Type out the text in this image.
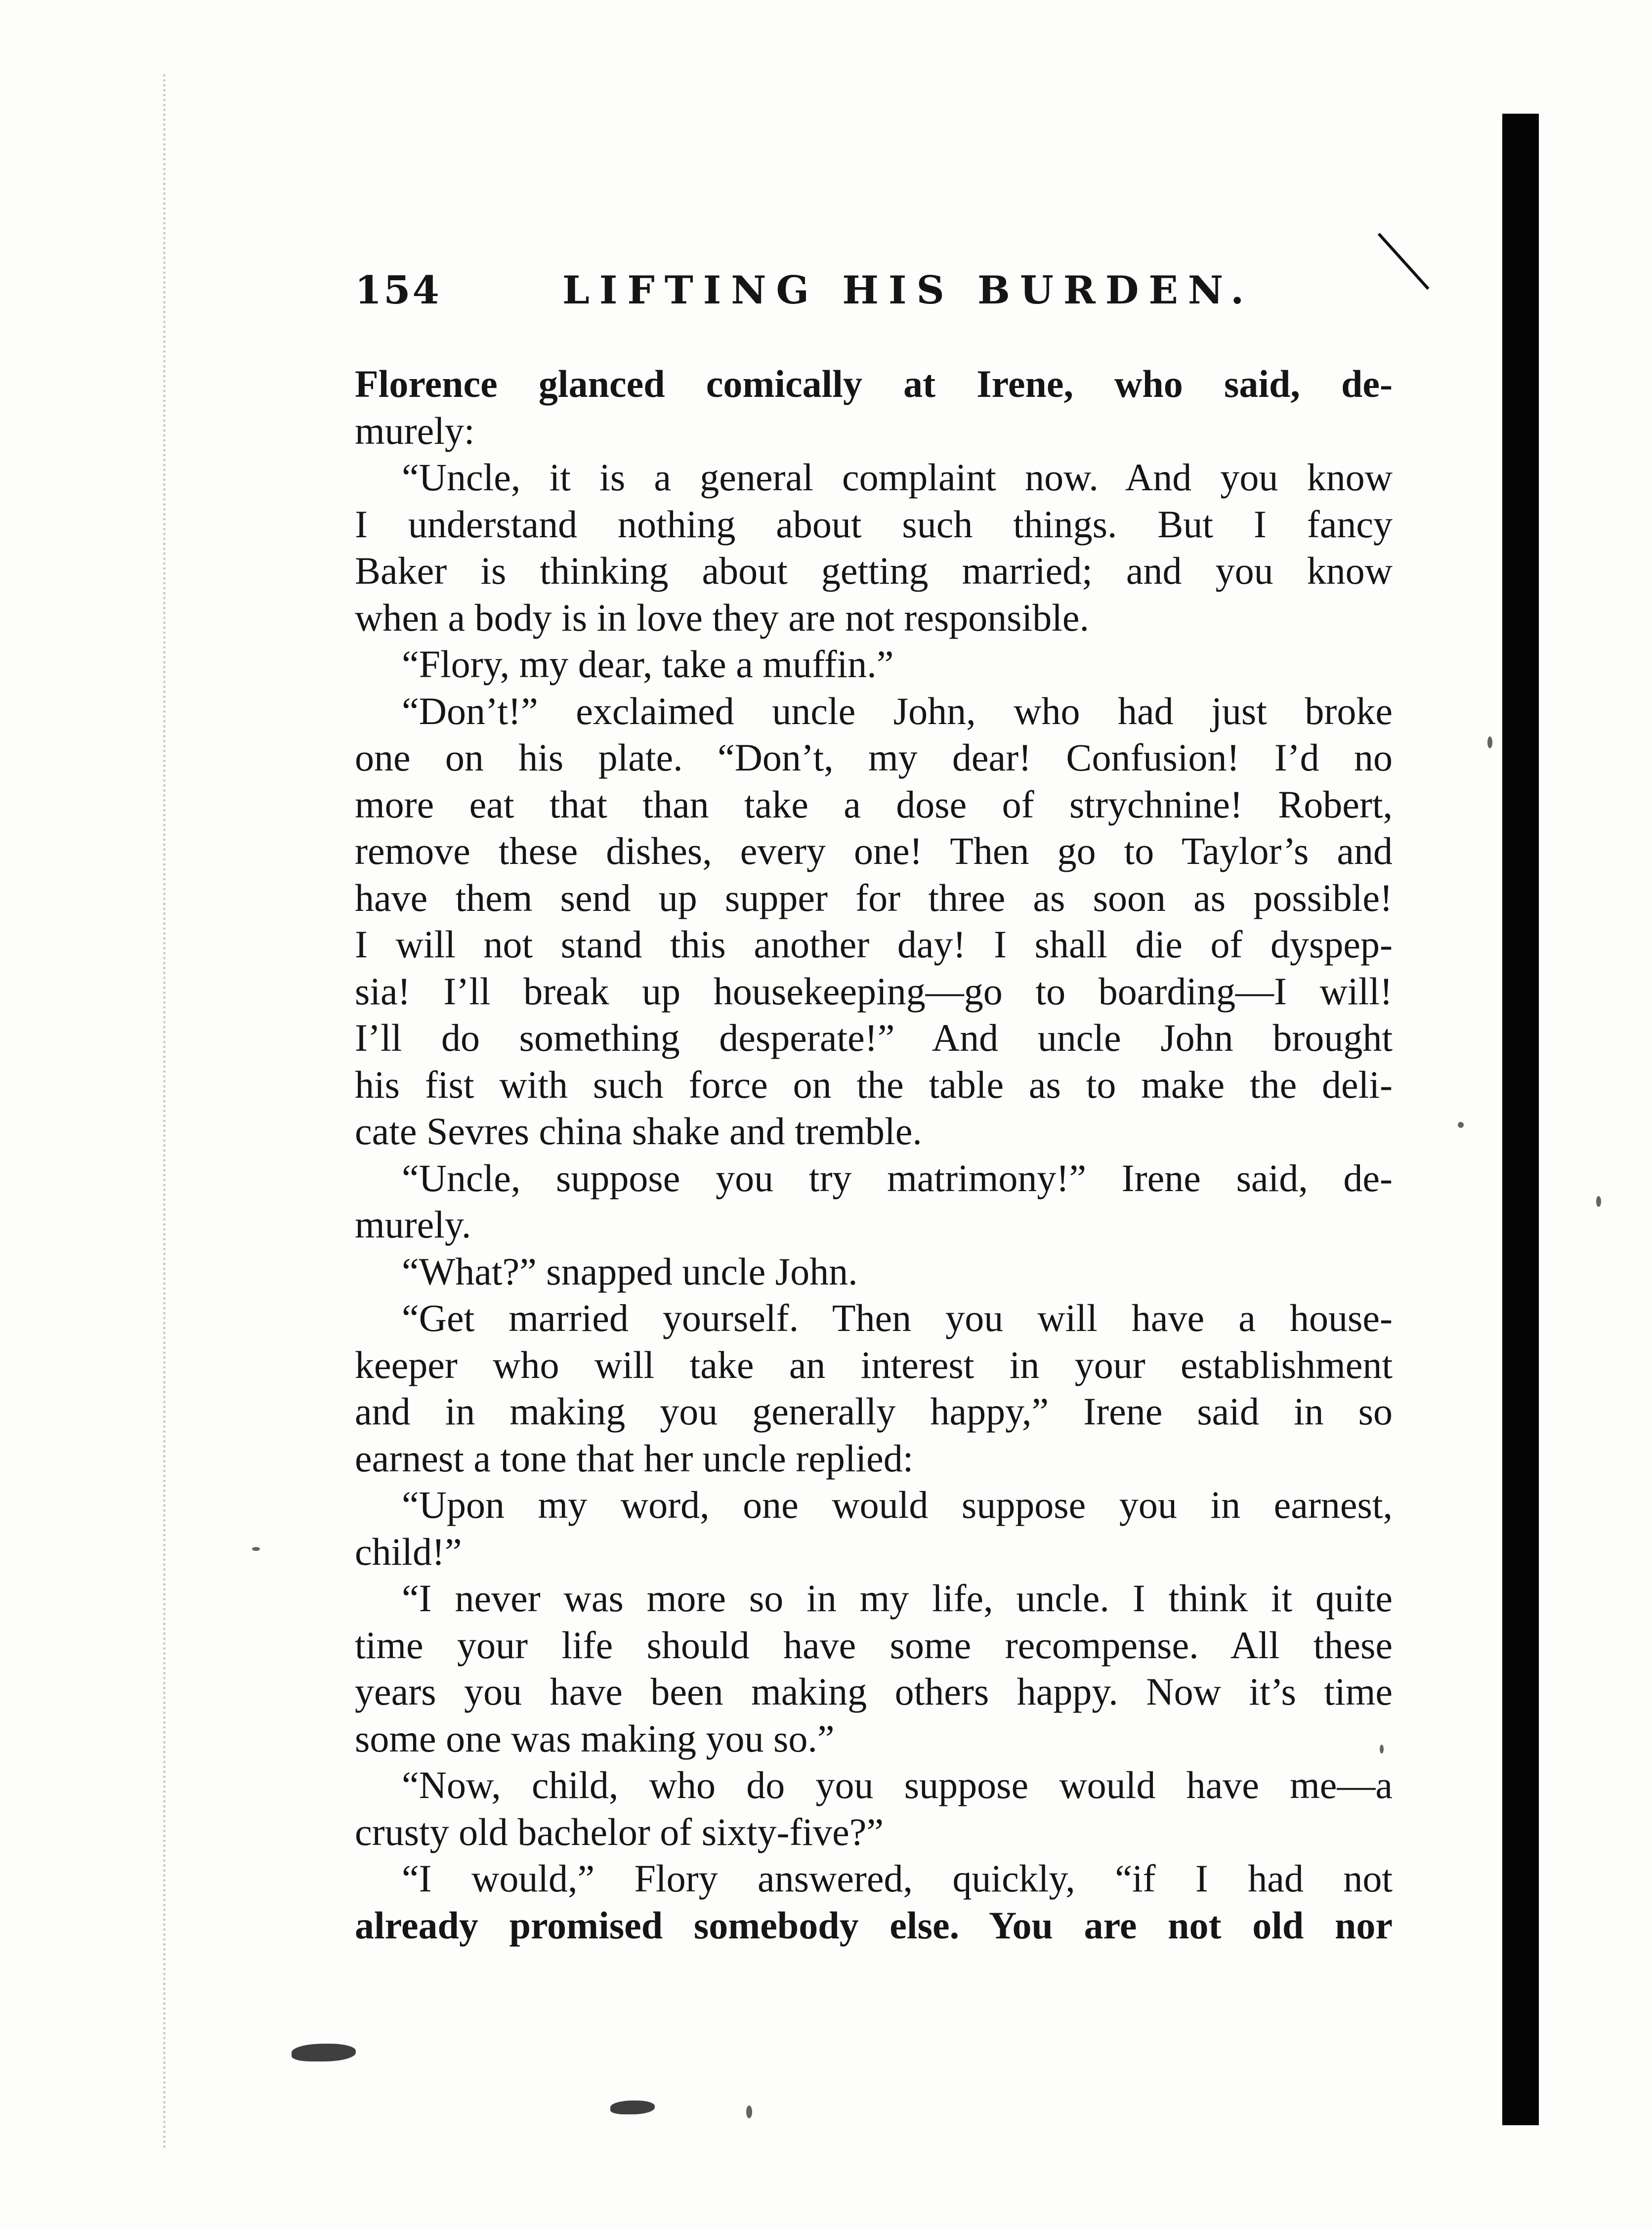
154	LIFTING HIS BURDEN.
Florence glanced comically at Irene, who said, de-
murely:
“Uncle, it is a general complaint now. And you know
I understand nothing about such things. But I fancy
Baker is thinking about getting married; and you know
when a body is in love they are not responsible.
“Flory, my dear, take a muffin.”
“Don’t!” exclaimed uncle John, who had just broke
one on his plate. “Don’t, my dear! Confusion! I’d no
more eat that than take a dose of strychnine! Robert,
remove these dishes, every one! Then go to Taylor’s and
have them send up supper for three as soon as possible!
I will not stand this another day! I shall die of dyspep-
sia! I’ll break up housekeeping—go to boarding—I will!
I’ll do something desperate!” And uncle John brought
his fist with such force on the table as to make the deli-
cate Sevres china shake and tremble.
“Uncle, suppose you try matrimony!” Irene said, de-
murely.
“What?” snapped uncle John.
“Get married yourself. Then you will have a house-
keeper who will take an interest in your establishment
and in making you generally happy,” Irene said in so
earnest a tone that her uncle replied:
“Upon my word, one would suppose you in earnest,
child!”
“I never was more so in my life, uncle. I think it quite
time your life should have some recompense. All these
years you have been making others happy. Now it’s time
some one was making you so.”
“Now, child, who do you suppose would have me—a
crusty old bachelor of sixty-five?”
“I would,” Flory answered, quickly, “if I had not
already promised somebody else. You are not old nor
